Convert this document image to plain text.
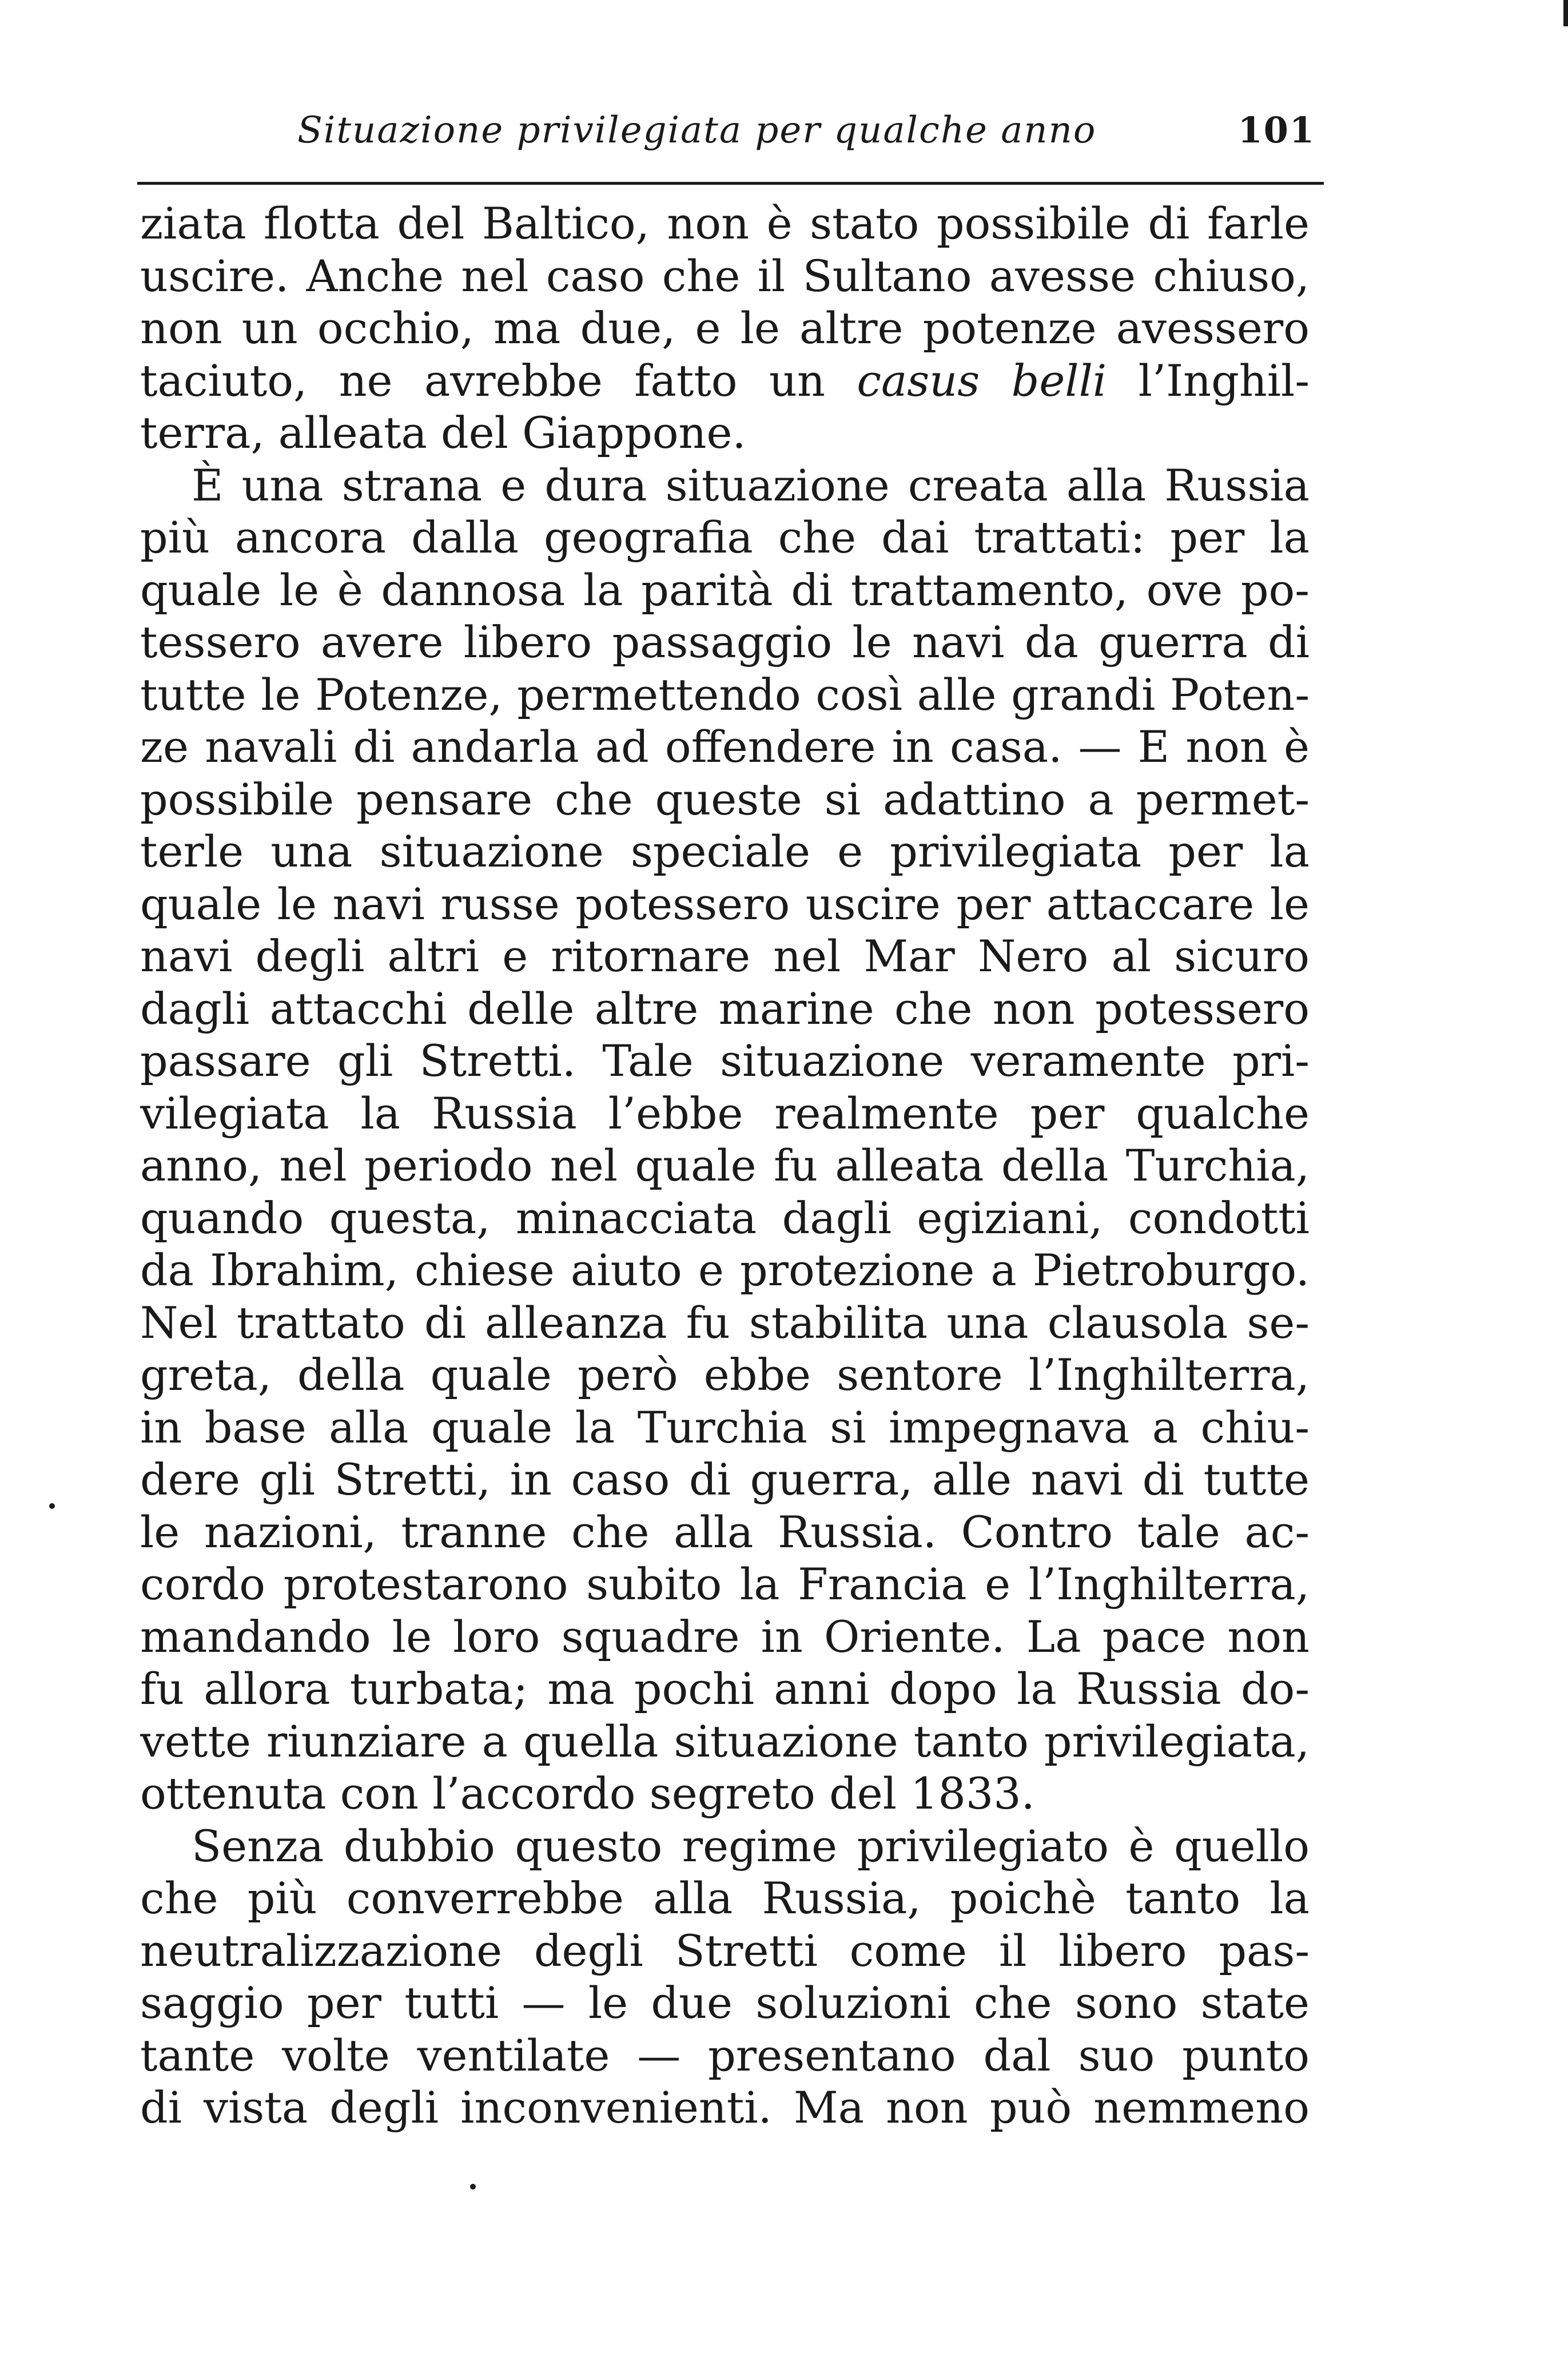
Situazione privilegiata per qualche anno	101
ziata flotta del Baltico, non è stato possibile di farle
uscire. Anche nel caso che il Sultano avesse chiuso,
non un occhio, ma due, e le altre potenze avessero
taciuto, ne avrebbe fatto un casus belli l’Inghil-
terra, alleata del Giappone.
È una strana e dura situazione creata alla Russia
più ancora dalla geografia che dai trattati: per la
quale le è dannosa la parità di trattamento, ove po-
tessero avere libero passaggio le navi da guerra di
tutte le Potenze, permettendo così alle grandi Poten-
ze navali di andarla ad offendere in casa. — E non è
possibile pensare che queste si adattino a permet-
terle una situazione speciale e privilegiata per la
quale le navi russe potessero uscire per attaccare le
navi degli altri e ritornare nel Mar Nero al sicuro
dagli attacchi delle altre marine che non potessero
passare gli Stretti. Tale situazione veramente pri-
vilegiata la Russia l’ebbe realmente per qualche
anno, nel periodo nel quale fu alleata della Turchia,
quando questa, minacciata dagli egiziani, condotti
da Ibrahim, chiese aiuto e protezione a Pietroburgo.
Nel trattato di alleanza fu stabilita una clausola se-
greta, della quale però ebbe sentore l’Inghilterra,
in base alla quale la Turchia si impegnava a chiu-
dere gli Stretti, in caso di guerra, alle navi di tutte
le nazioni, tranne che alla Russia. Contro tale ac-
cordo protestarono subito la Francia e l’Inghilterra,
mandando le loro squadre in Oriente. La pace non
fu allora turbata; ma pochi anni dopo la Russia do-
vette riunziare a quella situazione tanto privilegiata,
ottenuta con l’accordo segreto del 1833.
Senza dubbio questo regime privilegiato è quello
che più converrebbe alla Russia, poichè tanto la
neutralizzazione degli Stretti come il libero pas-
saggio per tutti — le due soluzioni che sono state
tante volte ventilate — presentano dal suo punto
di vista degli inconvenienti. Ma non può nemmeno
